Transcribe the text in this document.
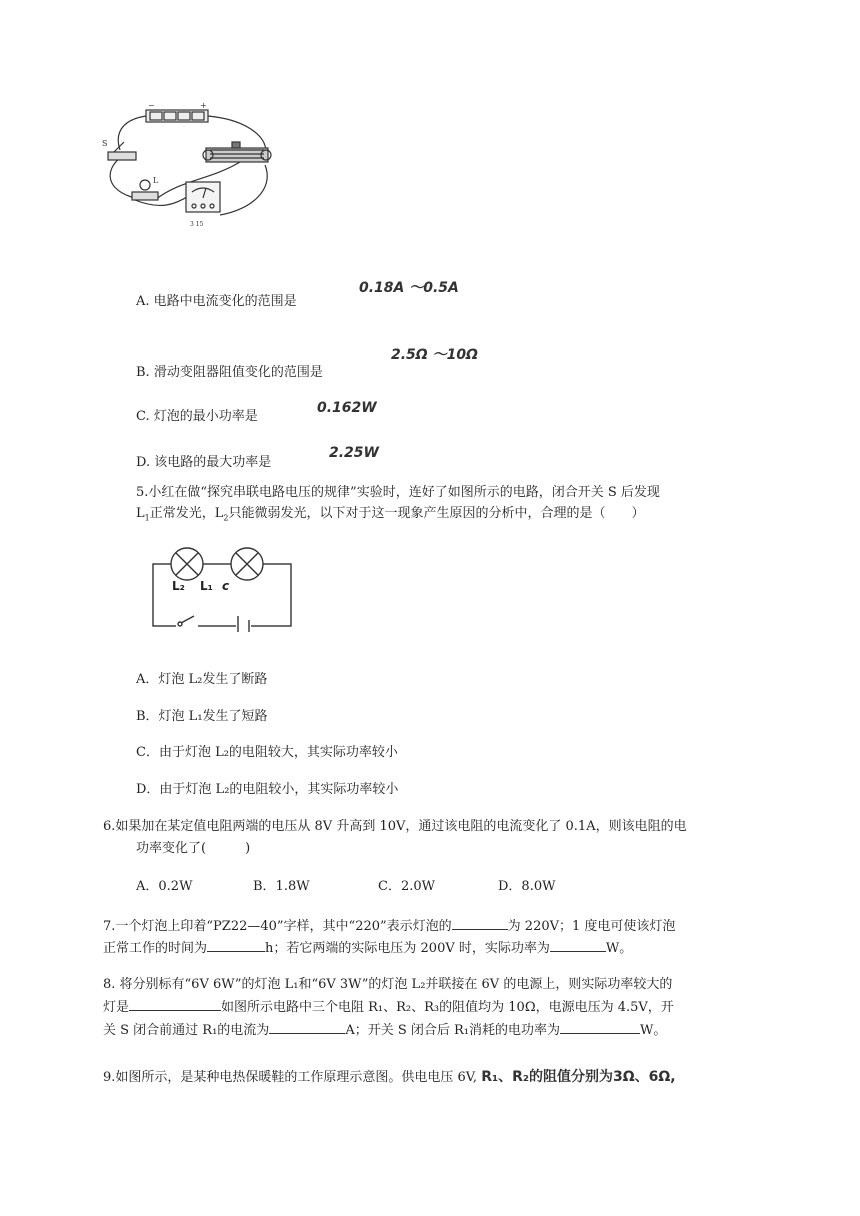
−	+
S
L
3 15
A. 电路中电流变化的范围是
0.18A ～0.5A
B. 滑动变阻器阻值变化的范围是
2.5Ω ～10Ω
C. 灯泡的最小功率是
0.162W
D. 该电路的最大功率是
2.25W
5.小红在做“探究串联电路电压的规律”实验时，连好了如图所示的电路，闭合开关 S 后发现
$L_1$正常发光，$L_2$只能微弱发光，以下对于这一现象产生原因的分析中，合理的是（　　）
L₂ L₁ c
A．灯泡 L₂发生了断路
B．灯泡 L₁发生了短路
C．由于灯泡 L₂的电阻较大，其实际功率较小
D．由于灯泡 L₂的电阻较小，其实际功率较小
6.如果加在某定值电阻两端的电压从 8V 升高到 10V，通过该电阻的电流变化了 0.1A，则该电阻的电
功率变化了(　　　)
A．0.2W	B．1.8W	C．2.0W	D．8.0W
7.一个灯泡上印着“PZ22—40”字样，其中“220”表示灯泡的	为 220V；1 度电可使该灯泡
正常工作的时间为	h；若它两端的实际电压为 200V 时，实际功率为	W。
8. 将分别标有“6V 6W”的灯泡 L₁和“6V 3W”的灯泡 L₂并联接在 6V 的电源上，则实际功率较大的
灯是	如图所示电路中三个电阻 R₁、R₂、R₃的阻值均为 10Ω，电源电压为 4.5V，开
关 S 闭合前通过 R₁的电流为	A；开关 S 闭合后 R₁消耗的电功率为	W。
9.如图所示，是某种电热保暖鞋的工作原理示意图。供电电压 6V, R₁、R₂的阻值分别为3Ω、6Ω,
